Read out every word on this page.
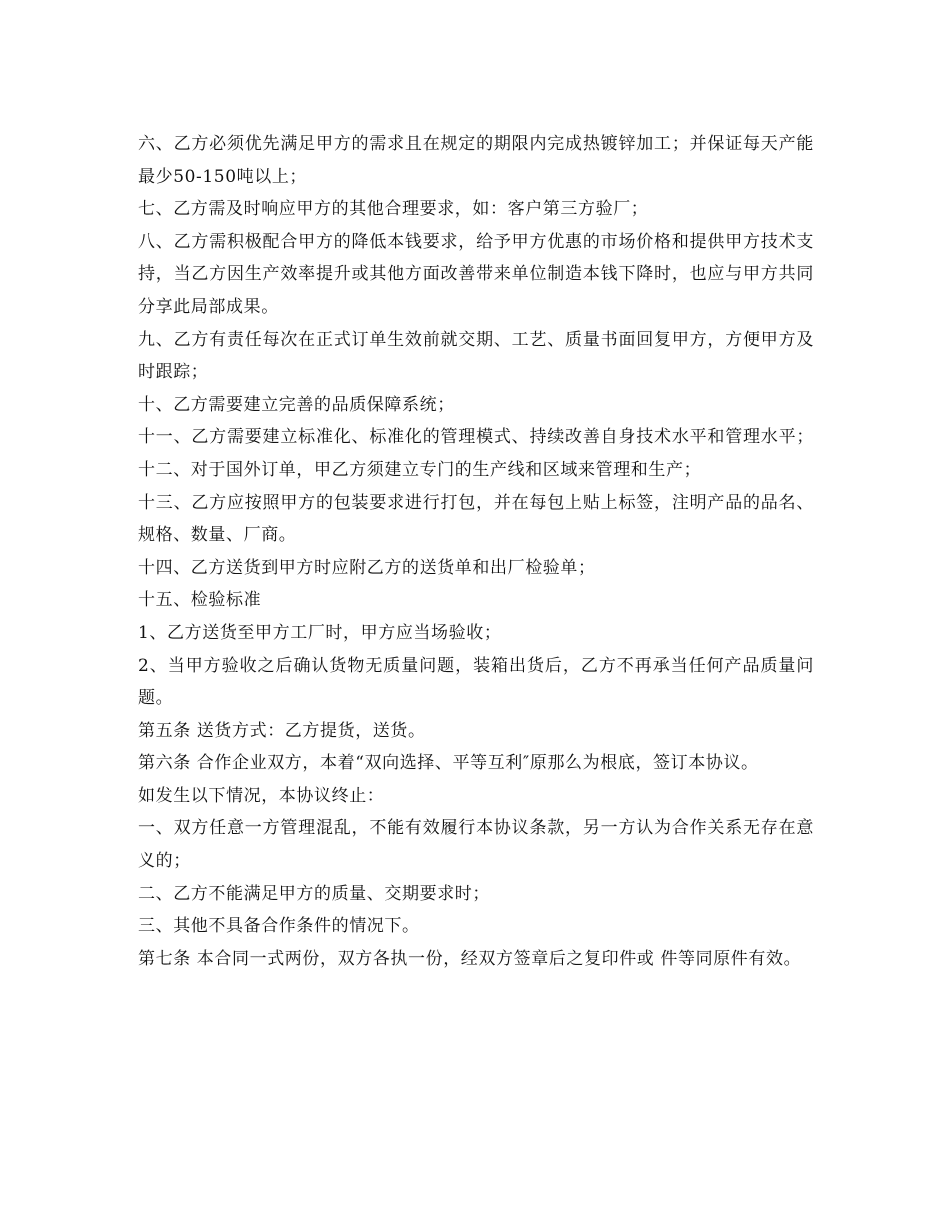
六、乙方必须优先满足甲方的需求且在规定的期限内完成热镀锌加工；并保证每天产能最少50-150吨以上；

七、乙方需及时响应甲方的其他合理要求，如：客户第三方验厂；

八、乙方需积极配合甲方的降低本钱要求，给予甲方优惠的市场价格和提供甲方技术支持，当乙方因生产效率提升或其他方面改善带来单位制造本钱下降时，也应与甲方共同分享此局部成果。

九、乙方有责任每次在正式订单生效前就交期、工艺、质量书面回复甲方，方便甲方及时跟踪；

十、乙方需要建立完善的品质保障系统；

十一、乙方需要建立标准化、标准化的管理模式、持续改善自身技术水平和管理水平； 十二、对于国外订单，甲乙方须建立专门的生产线和区域来管理和生产；

十三、乙方应按照甲方的包装要求进行打包，并在每包上贴上标签，注明产品的品名、规格、数量、厂商。

十四、乙方送货到甲方时应附乙方的送货单和出厂检验单；

十五、检验标准

1、乙方送货至甲方工厂时，甲方应当场验收；

2、当甲方验收之后确认货物无质量问题，装箱出货后，乙方不再承当任何产品质量问题。

第五条 送货方式：乙方提货，送货。

第六条 合作企业双方，本着“双向选择、平等互利″原那么为根底，签订本协议。

如发生以下情况，本协议终止：

一、双方任意一方管理混乱，不能有效履行本协议条款，另一方认为合作关系无存在意义的；

二、乙方不能满足甲方的质量、交期要求时；

三、其他不具备合作条件的情况下。

第七条 本合同一式两份，双方各执一份，经双方签章后之复印件或 件等同原件有效。
